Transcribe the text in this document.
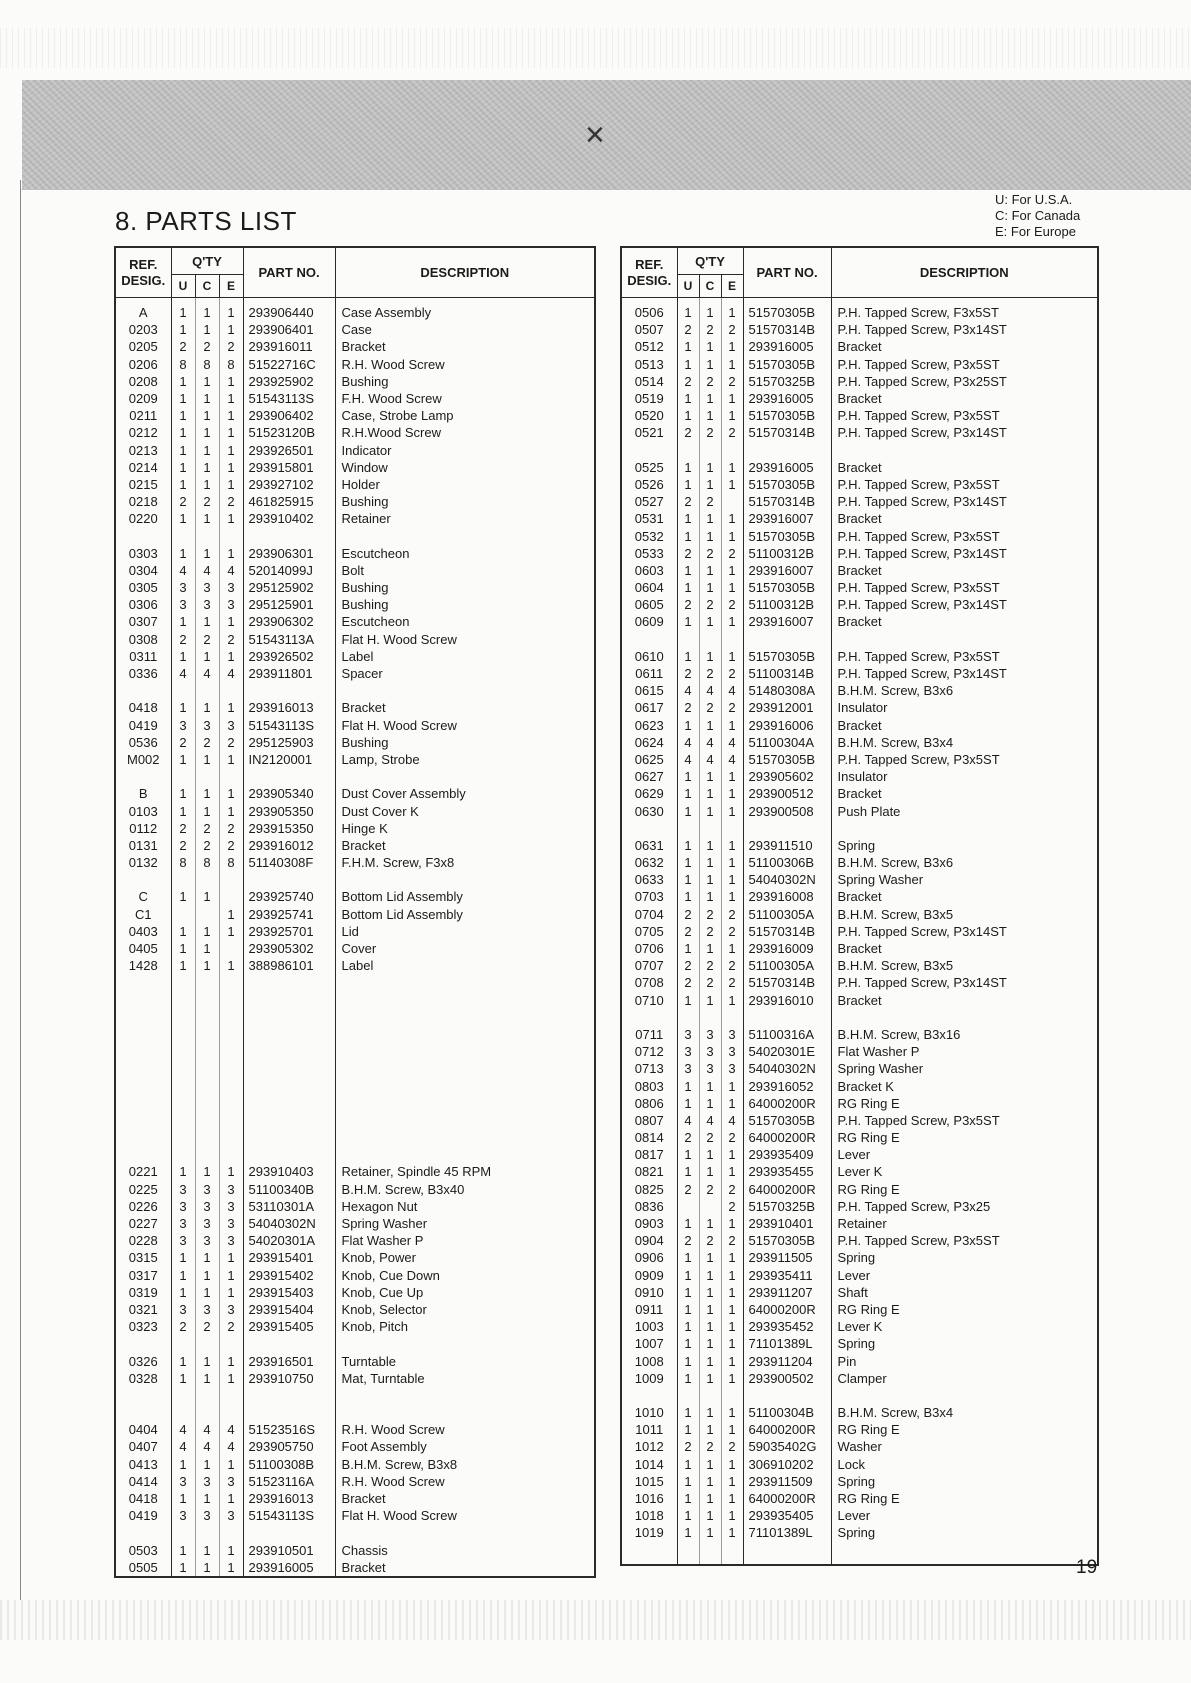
×
8. PARTS LIST
U: For U.S.A.
C: For Canada
E: For Europe
REF.
DESIG.	Q'TY			PART NO.	DESCRIPTION
	U	C	E		
A	1	1	1	293906440	Case Assembly
0203	1	1	1	293906401	Case
0205	2	2	2	293916011	Bracket
0206	8	8	8	51522716C	R.H. Wood Screw
0208	1	1	1	293925902	Bushing
0209	1	1	1	51543113S	F.H. Wood Screw
0211	1	1	1	293906402	Case, Strobe Lamp
0212	1	1	1	51523120B	R.H.Wood Screw
0213	1	1	1	293926501	Indicator
0214	1	1	1	293915801	Window
0215	1	1	1	293927102	Holder
0218	2	2	2	461825915	Bushing
0220	1	1	1	293910402	Retainer

0303	1	1	1	293906301	Escutcheon
0304	4	4	4	52014099J	Bolt
0305	3	3	3	295125902	Bushing
0306	3	3	3	295125901	Bushing
0307	1	1	1	293906302	Escutcheon
0308	2	2	2	51543113A	Flat H. Wood Screw
0311	1	1	1	293926502	Label
0336	4	4	4	293911801	Spacer

0418	1	1	1	293916013	Bracket
0419	3	3	3	51543113S	Flat H. Wood Screw
0536	2	2	2	295125903	Bushing
M002	1	1	1	IN2120001	Lamp, Strobe

B	1	1	1	293905340	Dust Cover Assembly
0103	1	1	1	293905350	Dust Cover K
0112	2	2	2	293915350	Hinge K
0131	2	2	2	293916012	Bracket
0132	8	8	8	51140308F	F.H.M. Screw, F3x8

C	1	1		293925740	Bottom Lid Assembly
C1			1	293925741	Bottom Lid Assembly
0403	1	1	1	293925701	Lid
0405	1	1		293905302	Cover
1428	1	1	1	388986101	Label

0221	1	1	1	293910403	Retainer, Spindle 45 RPM
0225	3	3	3	51100340B	B.H.M. Screw, B3x40
0226	3	3	3	53110301A	Hexagon Nut
0227	3	3	3	54040302N	Spring Washer
0228	3	3	3	54020301A	Flat Washer P
0315	1	1	1	293915401	Knob, Power
0317	1	1	1	293915402	Knob, Cue Down
0319	1	1	1	293915403	Knob, Cue Up
0321	3	3	3	293915404	Knob, Selector
0323	2	2	2	293915405	Knob, Pitch

0326	1	1	1	293916501	Turntable
0328	1	1	1	293910750	Mat, Turntable

0404	4	4	4	51523516S	R.H. Wood Screw
0407	4	4	4	293905750	Foot Assembly
0413	1	1	1	51100308B	B.H.M. Screw, B3x8
0414	3	3	3	51523116A	R.H. Wood Screw
0418	1	1	1	293916013	Bracket
0419	3	3	3	51543113S	Flat H. Wood Screw

0503	1	1	1	293910501	Chassis
0505	1	1	1	293916005	Bracket

REF.
DESIG.	Q'TY			PART NO.	DESCRIPTION
	U	C	E		
0506	1	1	1	51570305B	P.H. Tapped Screw, F3x5ST
0507	2	2	2	51570314B	P.H. Tapped Screw, P3x14ST
0512	1	1	1	293916005	Bracket
0513	1	1	1	51570305B	P.H. Tapped Screw, P3x5ST
0514	2	2	2	51570325B	P.H. Tapped Screw, P3x25ST
0519	1	1	1	293916005	Bracket
0520	1	1	1	51570305B	P.H. Tapped Screw, P3x5ST
0521	2	2	2	51570314B	P.H. Tapped Screw, P3x14ST

0525	1	1	1	293916005	Bracket
0526	1	1	1	51570305B	P.H. Tapped Screw, P3x5ST
0527	2	2		51570314B	P.H. Tapped Screw, P3x14ST
0531	1	1	1	293916007	Bracket
0532	1	1	1	51570305B	P.H. Tapped Screw, P3x5ST
0533	2	2	2	51100312B	P.H. Tapped Screw, P3x14ST
0603	1	1	1	293916007	Bracket
0604	1	1	1	51570305B	P.H. Tapped Screw, P3x5ST
0605	2	2	2	51100312B	P.H. Tapped Screw, P3x14ST
0609	1	1	1	293916007	Bracket

0610	1	1	1	51570305B	P.H. Tapped Screw, P3x5ST
0611	2	2	2	51100314B	P.H. Tapped Screw, P3x14ST
0615	4	4	4	51480308A	B.H.M. Screw, B3x6
0617	2	2	2	293912001	Insulator
0623	1	1	1	293916006	Bracket
0624	4	4	4	51100304A	B.H.M. Screw, B3x4
0625	4	4	4	51570305B	P.H. Tapped Screw, P3x5ST
0627	1	1	1	293905602	Insulator
0629	1	1	1	293900512	Bracket
0630	1	1	1	293900508	Push Plate

0631	1	1	1	293911510	Spring
0632	1	1	1	51100306B	B.H.M. Screw, B3x6
0633	1	1	1	54040302N	Spring Washer
0703	1	1	1	293916008	Bracket
0704	2	2	2	51100305A	B.H.M. Screw, B3x5
0705	2	2	2	51570314B	P.H. Tapped Screw, P3x14ST
0706	1	1	1	293916009	Bracket
0707	2	2	2	51100305A	B.H.M. Screw, B3x5
0708	2	2	2	51570314B	P.H. Tapped Screw, P3x14ST
0710	1	1	1	293916010	Bracket

0711	3	3	3	51100316A	B.H.M. Screw, B3x16
0712	3	3	3	54020301E	Flat Washer P
0713	3	3	3	54040302N	Spring Washer
0803	1	1	1	293916052	Bracket K
0806	1	1	1	64000200R	RG Ring E
0807	4	4	4	51570305B	P.H. Tapped Screw, P3x5ST
0814	2	2	2	64000200R	RG Ring E
0817	1	1	1	293935409	Lever
0821	1	1	1	293935455	Lever K
0825	2	2	2	64000200R	RG Ring E
0836			2	51570325B	P.H. Tapped Screw, P3x25
0903	1	1	1	293910401	Retainer
0904	2	2	2	51570305B	P.H. Tapped Screw, P3x5ST
0906	1	1	1	293911505	Spring
0909	1	1	1	293935411	Lever
0910	1	1	1	293911207	Shaft
0911	1	1	1	64000200R	RG Ring E
1003	1	1	1	293935452	Lever K
1007	1	1	1	71101389L	Spring
1008	1	1	1	293911204	Pin
1009	1	1	1	293900502	Clamper

1010	1	1	1	51100304B	B.H.M. Screw, B3x4
1011	1	1	1	64000200R	RG Ring E
1012	2	2	2	59035402G	Washer
1014	1	1	1	306910202	Lock
1015	1	1	1	293911509	Spring
1016	1	1	1	64000200R	RG Ring E
1018	1	1	1	293935405	Lever
1019	1	1	1	71101389L	Spring

19
